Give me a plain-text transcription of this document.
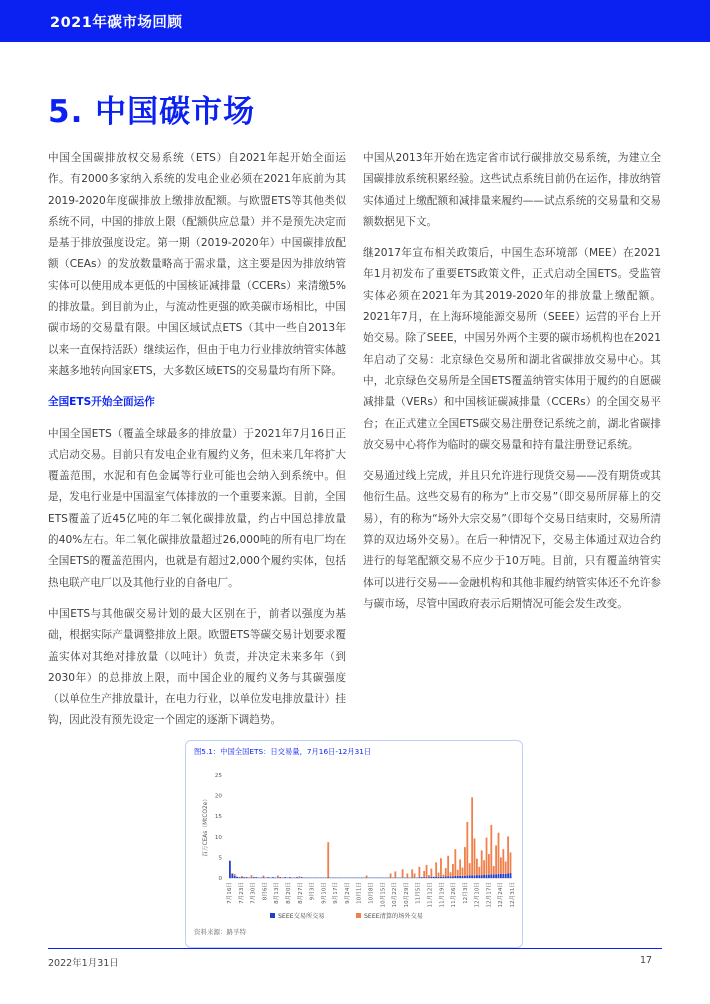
2021年碳市场回顾
5. 中国碳市场

中国全国碳排放权交易系统（ETS）自2021年起开始全面运作。有2000多家纳入系统的发电企业必须在2021年底前为其2019-2020年度碳排放上缴排放配额。与欧盟ETS等其他类似系统不同，中国的排放上限（配额供应总量）并不是预先决定而是基于排放强度设定。第一期（2019-2020年）中国碳排放配额（CEAs）的发放数量略高于需求量，这主要是因为排放纳管实体可以使用成本更低的中国核证减排量（CCERs）来清缴5%的排放量。到目前为止，与流动性更强的欧美碳市场相比，中国碳市场的交易量有限。中国区域试点ETS（其中一些自2013年以来一直保持活跃）继续运作，但由于电力行业排放纳管实体越来越多地转向国家ETS，大多数区域ETS的交易量均有所下降。

全国ETS开始全面运作

中国全国ETS（覆盖全球最多的排放量）于2021年7月16日正式启动交易。目前只有发电企业有履约义务，但未来几年将扩大覆盖范围，水泥和有色金属等行业可能也会纳入到系统中。但是，发电行业是中国温室气体排放的一个重要来源。目前，全国ETS覆盖了近45亿吨的年二氧化碳排放量，约占中国总排放量的40%左右。年二氧化碳排放量超过26,000吨的所有电厂均在全国ETS的覆盖范围内，也就是有超过2,000个履约实体，包括热电联产电厂以及其他行业的自备电厂。

中国ETS与其他碳交易计划的最大区别在于，前者以强度为基础，根据实际产量调整排放上限。欧盟ETS等碳交易计划要求覆盖实体对其绝对排放量（以吨计）负责，并决定未来多年（到2030年）的总排放上限，而中国企业的履约义务与其碳强度（以单位生产排放量计，在电力行业，以单位发电排放量计）挂钩，因此没有预先设定一个固定的逐渐下调趋势。

中国从2013年开始在选定省市试行碳排放交易系统，为建立全国碳排放系统积累经验。这些试点系统目前仍在运作，排放纳管实体通过上缴配额和减排量来履约——试点系统的交易量和交易额数据见下文。

继2017年宣布相关政策后，中国生态环境部（MEE）在2021年1月初发布了重要ETS政策文件，正式启动全国ETS。受监管实体必须在2021年为其2019-2020年的排放量上缴配额。2021年7月，在上海环境能源交易所（SEEE）运营的平台上开始交易。除了SEEE，中国另外两个主要的碳市场机构也在2021年启动了交易：北京绿色交易所和湖北省碳排放交易中心。其中，北京绿色交易所是全国ETS覆盖纳管实体用于履约的自愿碳减排量（VERs）和中国核证碳减排量（CCERs）的全国交易平台；在正式建立全国ETS碳交易注册登记系统之前，湖北省碳排放交易中心将作为临时的碳交易量和持有量注册登记系统。

交易通过线上完成，并且只允许进行现货交易——没有期货或其他衍生品。这些交易有的称为“上市交易”（即交易所屏幕上的交易），有的称为“场外大宗交易”（即每个交易日结束时，交易所清算的双边场外交易）。在后一种情况下，交易主体通过双边合约进行的每笔配额交易不应少于10万吨。目前，只有覆盖纳管实体可以进行交易——金融机构和其他非履约纳管实体还不允许参与碳市场，尽管中国政府表示后期情况可能会发生改变。

0
5
10
15
20
25
百万CEAs（MtCO2e）
7月16日	7月23日	7月30日	8月6日	8月13日	8月20日	8月27日	9月3日	9月10日	9月17日	9月24日	10月1日	10月8日	10月15日	10月22日	10月29日	11月5日	11月12日	11月19日	11月26日	12月3日	12月10日	12月17日	12月24日	12月31日
SEEE交易所交易	SEEE清算的场外交易
图5.1：中国全国ETS：日交易量，7月16日-12月31日
资料来源：路孚特
2022年1月31日	17
